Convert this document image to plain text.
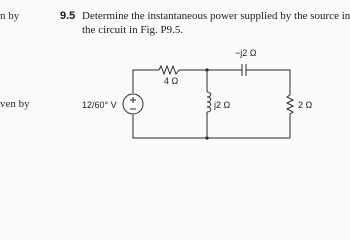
n by
ven by
9.5 Determine the instantaneous power supplied by the source in
the circuit in Fig. P9.5.
4 Ω
−j2 Ω
j2 Ω	2 Ω
12/60° V
